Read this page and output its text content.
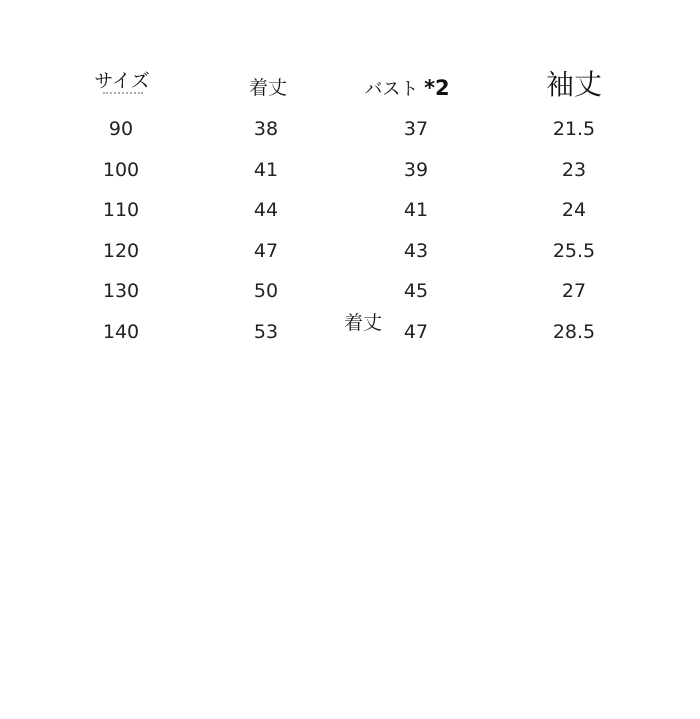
サイズ	着丈	バスト *2	袖丈
90	38	37	21.5
100	41	39	23
110	44	41	24
120	47	43	25.5
130	50	45	27
140	53	47	28.5
着丈
